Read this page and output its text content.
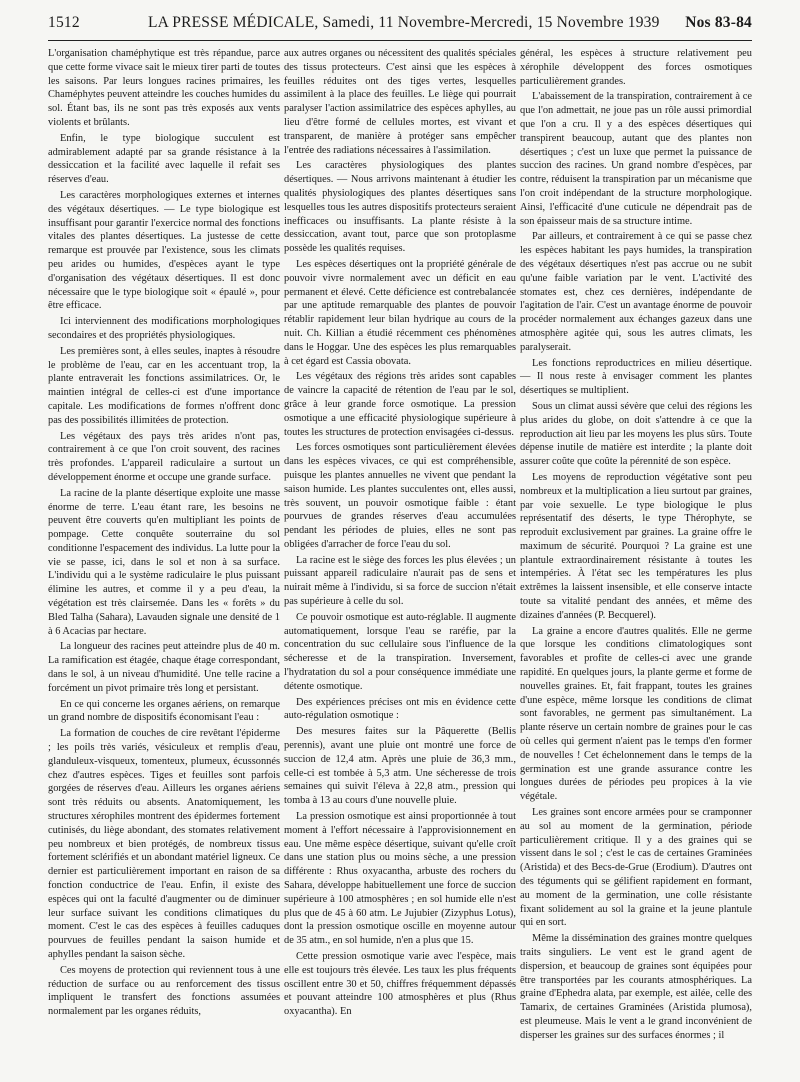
1512	LA PRESSE MÉDICALE, Samedi, 11 Novembre-Mercredi, 15 Novembre 1939 Nos 83-84

L'organisation chaméphytique est très répandue, parce que cette forme vivace sait le mieux tirer parti de toutes les saisons. Par leurs longues racines primaires, les Chaméphytes peuvent atteindre les couches humides du sol. Étant bas, ils ne sont pas très exposés aux vents violents et brûlants.

Enfin, le type biologique succulent est admirablement adapté par sa grande résistance à la dessiccation et la facilité avec laquelle il refait ses réserves d'eau.

Les caractères morphologiques externes et internes des végétaux désertiques. — Le type biologique est insuffisant pour garantir l'exercice normal des fonctions vitales des plantes désertiques. La justesse de cette remarque est prouvée par l'existence, sous les climats peu arides ou humides, d'espèces ayant le type d'organisation des végétaux désertiques. Il est donc nécessaire que le type biologique soit « épaulé », pour être efficace.

Ici interviennent des modifications morphologiques secondaires et des propriétés physiologiques.

Les premières sont, à elles seules, inaptes à résoudre le problème de l'eau, car en les accentuant trop, la plante entraverait les fonctions assimilatrices. Or, le maintien intégral de celles-ci est d'une importance capitale. Les modifications de formes n'offrent donc pas des possibilités illimitées de protection.

Les végétaux des pays très arides n'ont pas, contrairement à ce que l'on croit souvent, des racines très profondes. L'appareil radiculaire a surtout un développement énorme et occupe une grande surface.

La racine de la plante désertique exploite une masse énorme de terre. L'eau étant rare, les besoins ne peuvent être couverts qu'en multipliant les points de pompage. Cette conquête souterraine du sol conditionne l'espacement des individus. La lutte pour la vie se passe, ici, dans le sol et non à sa surface. L'individu qui a le système radiculaire le plus puissant élimine les autres, et comme il y a peu d'eau, la végétation est très clairsemée. Dans les « forêts » du Bled Talha (Sahara), Lavauden signale une densité de 1 à 6 Acacias par hectare.

La longueur des racines peut atteindre plus de 40 m. La ramification est étagée, chaque étage correspondant, dans le sol, à un niveau d'humidité. Une telle racine a forcément un pivot primaire très long et persistant.

En ce qui concerne les organes aériens, on remarque un grand nombre de dispositifs économisant l'eau :

La formation de couches de cire revêtant l'épiderme ; les poils très variés, vésiculeux et remplis d'eau, glanduleux-visqueux, tomenteux, plumeux, écussonnés chez d'autres espèces. Tiges et feuilles sont parfois gorgées de réserves d'eau. Ailleurs les organes aériens sont très réduits ou absents. Anatomiquement, les structures xérophiles montrent des épidermes fortement cutinisés, du liège abondant, des stomates relativement peu nombreux et bien protégés, de nombreux tissus fortement sclérifiés et un abondant matériel ligneux. Ce dernier est particulièrement important en raison de sa fonction conductrice de l'eau. Enfin, il existe des espèces qui ont la faculté d'augmenter ou de diminuer leur surface suivant les conditions climatiques du moment. C'est le cas des espèces à feuilles caduques pourvues de feuilles pendant la saison humide et aphylles pendant la saison sèche.

Ces moyens de protection qui reviennent tous à une réduction de surface ou au renforcement des tissus impliquent le transfert des fonctions assumées normalement par les organes réduits,

aux autres organes ou nécessitent des qualités spéciales des tissus protecteurs. C'est ainsi que les espèces à feuilles réduites ont des tiges vertes, lesquelles assimilent à la place des feuilles. Le liège qui pourrait paralyser l'action assimilatrice des espèces aphylles, au lieu d'être formé de cellules mortes, est vivant et transparent, de manière à protéger sans empêcher l'entrée des radiations nécessaires à l'assimilation.

Les caractères physiologiques des plantes désertiques. — Nous arrivons maintenant à étudier les qualités physiologiques des plantes désertiques sans lesquelles tous les autres dispositifs protecteurs seraient inefficaces ou insuffisants. La plante résiste à la dessiccation, avant tout, parce que son protoplasme possède les qualités requises.

Les espèces désertiques ont la propriété générale de pouvoir vivre normalement avec un déficit en eau permanent et élevé. Cette déficience est contrebalancée par une aptitude remarquable des plantes de pouvoir rétablir rapidement leur bilan hydrique au cours de la nuit. Ch. Killian a étudié récemment ces phénomènes dans le Hoggar. Une des espèces les plus remarquables à cet égard est Cassia obovata.

Les végétaux des régions très arides sont capables de vaincre la capacité de rétention de l'eau par le sol, grâce à leur grande force osmotique. La pression osmotique a une efficacité physiologique supérieure à toutes les structures de protection envisagées ci-dessus.

Les forces osmotiques sont particulièrement élevées dans les espèces vivaces, ce qui est compréhensible, puisque les plantes annuelles ne vivent que pendant la saison humide. Les plantes succulentes ont, elles aussi, très souvent, un pouvoir osmotique faible : étant pourvues de grandes réserves d'eau accumulées pendant les périodes de pluies, elles ne sont pas obligées d'arracher de force l'eau du sol.

La racine est le siège des forces les plus élevées ; un puissant appareil radiculaire n'aurait pas de sens et nuirait même à l'individu, si sa force de succion n'était pas supérieure à celle du sol.

Ce pouvoir osmotique est auto-réglable. Il augmente automatiquement, lorsque l'eau se raréfie, par la concentration du suc cellulaire sous l'influence de la sécheresse et de la transpiration. Inversement, l'hydratation du sol a pour conséquence immédiate une détente osmotique.

Des expériences précises ont mis en évidence cette auto-régulation osmotique :

Des mesures faites sur la Pâquerette (Bellis perennis), avant une pluie ont montré une force de succion de 12,4 atm. Après une pluie de 36,3 mm., celle-ci est tombée à 5,3 atm. Une sécheresse de trois semaines qui suivit l'éleva à 22,8 atm., pression qui tomba à 13 au cours d'une nouvelle pluie.

La pression osmotique est ainsi proportionnée à tout moment à l'effort nécessaire à l'approvisionnement en eau. Une même espèce désertique, suivant qu'elle croît dans une station plus ou moins sèche, a une pression différente : Rhus oxyacantha, arbuste des rochers du Sahara, développe habituellement une force de succion supérieure à 100 atmosphères ; en sol humide elle n'est plus que de 45 à 60 atm. Le Jujubier (Zizyphus Lotus), dont la pression osmotique oscille en moyenne autour de 35 atm., en sol humide, n'en a plus que 15.

Cette pression osmotique varie avec l'espèce, mais elle est toujours très élevée. Les taux les plus fréquents oscillent entre 30 et 50, chiffres fréquemment dépassés et pouvant atteindre 100 atmosphères et plus (Rhus oxyacantha). En

général, les espèces à structure relativement peu xérophile développent des forces osmotiques particulièrement grandes.

L'abaissement de la transpiration, contrairement à ce que l'on admettait, ne joue pas un rôle aussi primordial que l'on a cru. Il y a des espèces désertiques qui transpirent beaucoup, autant que des plantes non désertiques ; c'est un luxe que permet la puissance de succion des racines. Un grand nombre d'espèces, par contre, réduisent la transpiration par un mécanisme que l'on croit indépendant de la structure morphologique. Ainsi, l'efficacité d'une cuticule ne dépendrait pas de son épaisseur mais de sa structure intime.

Par ailleurs, et contrairement à ce qui se passe chez les espèces habitant les pays humides, la transpiration des végétaux désertiques n'est pas accrue ou ne subit qu'une faible variation par le vent. L'activité des stomates est, chez ces dernières, indépendante de l'agitation de l'air. C'est un avantage énorme de pouvoir procéder normalement aux échanges gazeux dans une atmosphère agitée qui, sous les autres climats, les paralyserait.

Les fonctions reproductrices en milieu désertique. — Il nous reste à envisager comment les plantes désertiques se multiplient.

Sous un climat aussi sévère que celui des régions les plus arides du globe, on doit s'attendre à ce que la reproduction ait lieu par les moyens les plus sûrs. Toute dépense inutile de matière est interdite ; la plante doit assurer coûte que coûte la pérennité de son espèce.

Les moyens de reproduction végétative sont peu nombreux et la multiplication a lieu surtout par graines, par voie sexuelle. Le type biologique le plus représentatif des déserts, le type Thérophyte, se reproduit exclusivement par graines. La graine offre le maximum de sécurité. Pourquoi ? La graine est une plantule extraordinairement résistante à toutes les intempéries. À l'état sec les températures les plus extrêmes la laissent insensible, et elle conserve intacte toute sa vitalité pendant des années, et même des dizaines d'années (P. Becquerel).

La graine a encore d'autres qualités. Elle ne germe que lorsque les conditions climatologiques sont favorables et profite de celles-ci avec une grande rapidité. En quelques jours, la plante germe et forme de nouvelles graines. Et, fait frappant, toutes les graines d'une espèce, même lorsque les conditions de climat sont favorables, ne germent pas simultanément. La plante réserve un certain nombre de graines pour le cas où celles qui germent n'aient pas le temps d'en former de nouvelles ! Cet échelonnement dans le temps de la germination est une grande assurance contre les longues durées de périodes peu propices à la vie végétale.

Les graines sont encore armées pour se cramponner au sol au moment de la germination, période particulièrement critique. Il y a des graines qui se vissent dans le sol ; c'est le cas de certaines Graminées (Aristida) et des Becs-de-Grue (Erodium). D'autres ont des téguments qui se gélifient rapidement en formant, au moment de la germination, une colle résistante fixant solidement au sol la graine et la jeune plantule qui en sort.

Même la dissémination des graines montre quelques traits singuliers. Le vent est le grand agent de dispersion, et beaucoup de graines sont équipées pour être transportées par les courants atmosphériques. La graine d'Ephedra alata, par exemple, est ailée, celle des Tamarix, de certaines Graminées (Aristida plumosa), est pleumeuse. Mais le vent a le grand inconvénient de disperser les graines sur des surfaces énormes ; il
